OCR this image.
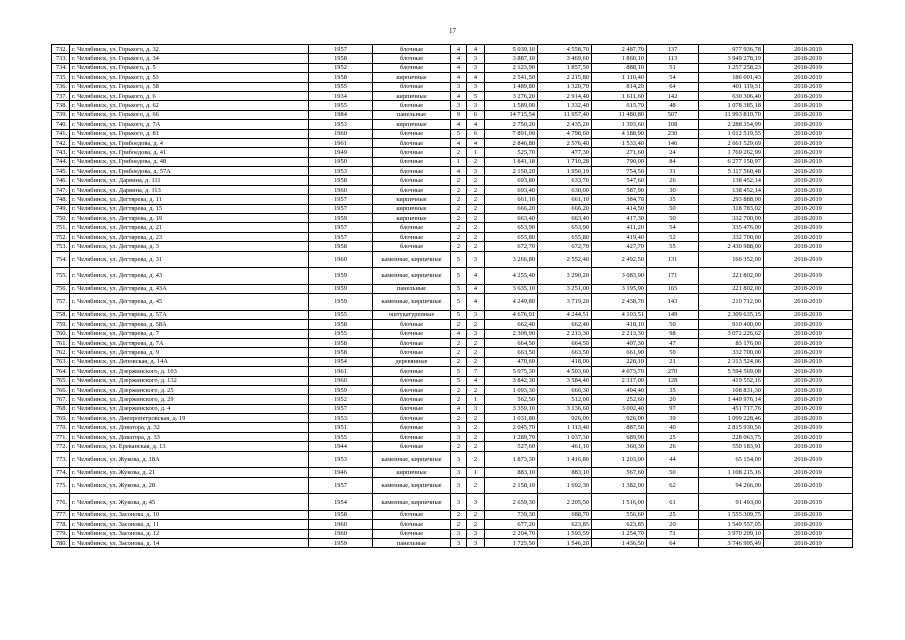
17
732.	г. Челябинск, ул. Горького, д. 32	1957	блочные	4	4	5 039,10	4 558,70	2 487,70	137	977 936,78	2018-2019
733.	г. Челябинск, ул. Горького, д. 34	1958	блочные	4	3	3 887,10	3 469,60	1 860,10	113	3 949 278,19	2018-2019
734.	г. Челябинск, ул. Горького, д. 5	1952	блочные	4	3	2 123,90	1 857,50	888,10	51	1 257 258,23	2018-2019
735.	г. Челябинск, ул. Горького, д. 53	1958	кирпичные	4	4	2 541,50	2 215,80	1 110,40	54	186 001,43	2018-2019
736.	г. Челябинск, ул. Горького, д. 58	1955	блочные	3	3	1 489,80	1 320,70	814,20	64	401 119,31	2018-2019
737.	г. Челябинск, ул. Горького, д. 6	1934	кирпичные	4	5	3 276,20	2 914,40	1 611,60	142	630 306,40	2018-2019
738.	г. Челябинск, ул. Горького, д. 62	1955	блочные	3	3	1 589,00	1 332,40	615,70	48	1 078 385,18	2018-2019
739.	г. Челябинск, ул. Горького, д. 66	1984	панельные	9	6	14 715,54	11 957,40	11 480,80	507	11 993 810,70	2018-2019
740.	г. Челябинск, ул. Горького, д. 7А	1953	кирпичные	4	4	2 750,20	2 435,20	1 393,60	108	2 288 354,99	2018-2019
741.	г. Челябинск, ул. Горького, д. 81	1960	блочные	5	6	7 891,00	4 798,60	4 188,90	230	1 012 519,55	2018-2019
742.	г. Челябинск, ул. Грибоедова, д. 4	1961	блочные	4	4	2 846,80	2 576,40	1 533,40	146	2 661 529,69	2018-2019
743.	г. Челябинск, ул. Грибоедова, д. 41	1949	блочные	2	1	525,70	477,30	271,60	24	1 769 262,99	2018-2019
744.	г. Челябинск, ул. Грибоедова, д. 48	1950	блочные	1	2	1 841,18	1 710,28	790,00	84	6 277 150,97	2018-2019
745.	г. Челябинск, ул. Грибоедова, д. 57А	1953	блочные	4	3	2 150,20	1 950,19	754,50	31	5 117 560,48	2018-2019
746.	г. Челябинск, ул. Дарвина, д. 111	1958	блочные	2	2	693,80	633,70	547,60	26	138 452,14	2018-2019
747.	г. Челябинск, ул. Дарвина, д. 113	1960	блочные	2	2	693,40	630,00	587,90	30	138 452,14	2018-2019
748.	г. Челябинск, ул. Дегтярева, д. 11	1957	кирпичные	2	2	661,10	661,10	384,70	35	293 888,00	2018-2019
749.	г. Челябинск, ул. Дегтярева, д. 15	1957	кирпичные	2	2	666,20	666,20	414,50	50	318 783,02	2018-2019
750.	г. Челябинск, ул. Дегтярева, д. 19	1959	кирпичные	2	2	663,40	663,40	417,30	50	332 700,00	2018-2019
751.	г. Челябинск, ул. Дегтярева, д. 21	1957	блочные	2	2	653,90	653,90	411,20	54	335 476,00	2018-2019
752.	г. Челябинск, ул. Дегтярева, д. 23	1957	блочные	2	2	655,80	655,80	419,40	52	332 700,00	2018-2019
753.	г. Челябинск, ул. Дегтярева, д. 3	1958	блочные	2	2	672,70	672,70	427,70	55	2 430 988,00	2018-2019
754.	г. Челябинск, ул. Дегтярева, д. 31	1960	каменные, кирпичные	5	3	3 266,80	2 552,40	2 492,50	131	166 352,00	2018-2019
755.	г. Челябинск, ул. Дегтярева, д. 43	1959	каменные, кирпичные	5	4	4 255,40	3 290,20	3 083,90	171	221 802,00	2018-2019
756.	г. Челябинск, ул. Дегтярева, д. 43А	1959	панельные	5	4	3 635,10	3 251,00	3 195,90	165	221 802,00	2018-2019
757.	г. Челябинск, ул. Дегтярева, д. 45	1959	каменные, кирпичные	5	4	4 249,80	3 719,20	2 438,70	143	210 712,00	2018-2019
758.	г. Челябинск, ул. Дегтярева, д. 57А	1955	оштукатуренные	5	3	4 676,91	4 244,51	4 103,51	149	2 309 635,15	2018-2019
759.	г. Челябинск, ул. Дегтярева, д. 58А	1958	блочные	2	2	662,40	662,40	418,10	50	910 400,00	2018-2019
760.	г. Челябинск, ул. Дегтярева, д. 7	1955	блочные	4	3	2 309,90	2 213,30	2 213,30	98	3 072 226,62	2018-2019
761.	г. Челябинск, ул. Дегтярева, д. 7А	1958	блочные	2	2	664,50	664,50	407,30	47	83 176,00	2018-2019
762.	г. Челябинск, ул. Дегтярева, д. 9	1958	блочные	2	2	663,50	663,50	661,90	50	332 700,00	2018-2019
763.	г. Челябинск, ул. Деповская, д. 14А	1954	деревянные	2	2	470,60	418,00	228,10	21	2 313 524,06	2018-2019
764.	г. Челябинск, ул. Дзержинского, д. 103	1961	блочные	5	7	5 075,30	4 503,60	4 073,70	270	5 594 569,08	2018-2019
765.	г. Челябинск, ул. Дзержинского, д. 132	1960	блочные	5	4	3 842,30	3 584,40	2 317,00	128	419 552,16	2018-2019
766.	г. Челябинск, ул. Дзержинского, д. 25	1959	блочные	2	2	1 093,30	666,30	494,40	35	108 831,30	2018-2019
767.	г. Челябинск, ул. Дзержинского, д. 29	1952	блочные	2	1	562,50	512,00	252,60	20	1 449 976,14	2018-2019
768.	г. Челябинск, ул. Дзержинского, д. 4	1957	блочные	4	3	3 359,10	3 136,60	3 002,40	97	451 717,76	2018-2019
769.	г. Челябинск, ул. Днепропетровская, д. 19	1953	блочные	2	2	1 031,80	926,00	926,00	39	1 099 228,46	2018-2019
770.	г. Челябинск, ул. Доватора, д. 32	1951	блочные	3	2	2 045,70	1 113,40	887,50	40	2 815 930,56	2018-2019
771.	г. Челябинск, ул. Доватора, д. 33	1955	блочные	3	2	1 289,70	1 037,30	689,90	25	228 063,75	2018-2019
772.	г. Челябинск, ул. Ереванская, д. 13	1944	блочные	2	2	527,60	461,10	360,30	26	550 183,91	2018-2019
773.	г. Челябинск, ул. Жукова, д. 18А	1953	каменные, кирпичные	3	2	1 873,30	1 416,80	1 203,00	44	65 154,00	2018-2019
774.	г. Челябинск, ул. Жукова, д. 21	1946	кирпичные	3	1	883,10	883,10	567,60	50	1 108 215,16	2018-2019
775.	г. Челябинск, ул. Жукова, д. 28	1957	каменные, кирпичные	3	2	2 158,10	1 692,30	1 382,00	62	94 266,00	2018-2019
776.	г. Челябинск, ул. Жукова, д. 45	1954	каменные, кирпичные	3	3	2 659,30	2 205,50	1 516,00	61	91 493,00	2018-2019
777.	г. Челябинск, ул. Засонова, д. 10	1958	блочные	2	2	739,30	688,70	556,60	25	1 555 309,75	2018-2019
778.	г. Челябинск, ул. Засонова, д. 11	1960	блочные	2	2	677,20	623,85	623,85	20	1 549 557,05	2018-2019
779.	г. Челябинск, ул. Засонова, д. 12	1960	блочные	3	3	2 204,70	1 593,59	1 254,70	71	3 970 209,10	2018-2019
780.	г. Челябинск, ул. Засонова, д. 14	1959	панельные	3	3	1 725,50	1 546,20	1 436,50	64	3 746 995,49	2018-2019
